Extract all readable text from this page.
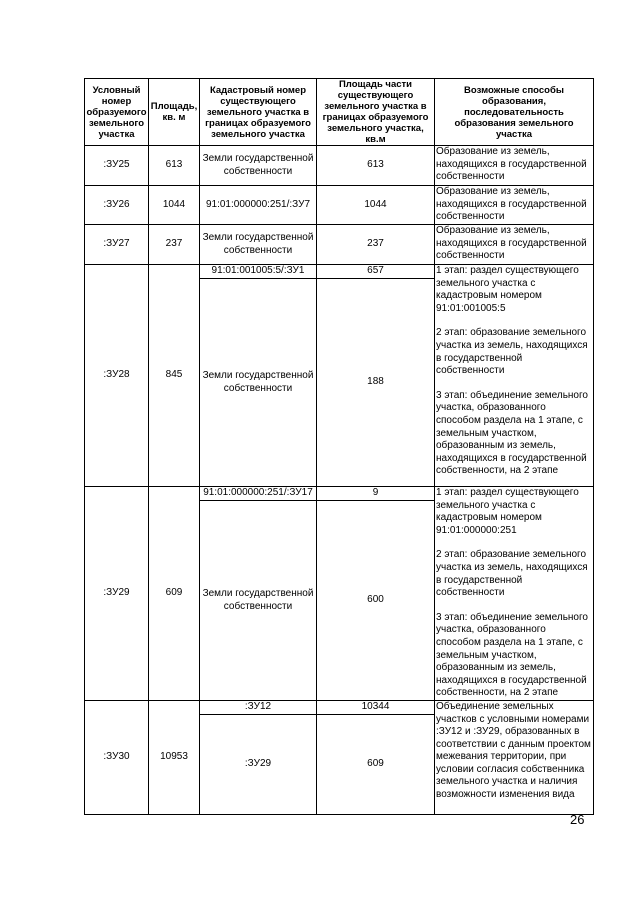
Условный номер образуемого земельного участка	Площадь, кв. м	Кадастровый номер существующего земельного участка в границах образуемого земельного участка	Площадь части существующего земельного участка в границах образуемого земельного участка, кв.м	Возможные способы образования, последовательность образования земельного участка
:ЗУ25	613	Земли государственной собственности	613	Образование из земель, находящихся в государственной собственности
:ЗУ26	1044	91:01:000000:251/:ЗУ7	1044	Образование из земель, находящихся в государственной собственности
:ЗУ27	237	Земли государственной собственности	237	Образование из земель, находящихся в государственной собственности
:ЗУ28	845	91:01:001005:5/:ЗУ1	657	1 этап: раздел существующего земельного участка с кадастровым номером 91:01:001005:5
2 этап: образование земельного участка из земель, находящихся в государственной собственности
3 этап: объединение земельного участка, образованного способом раздела на 1 этапе, с земельным участком, образованным из земель, находящихся в государственной собственности, на 2 этапе

		Земли государственной собственности	188	
:ЗУ29	609	91:01:000000:251/:ЗУ17	9	1 этап: раздел существующего земельного участка с кадастровым номером 91:01:000000:251
2 этап: образование земельного участка из земель, находящихся в государственной собственности
3 этап: объединение земельного участка, образованного способом раздела на 1 этапе, с земельным участком, образованным из земель, находящихся в государственной собственности, на 2 этапе

		Земли государственной собственности	600	
:ЗУ30	10953	:ЗУ12	10344	Объединение земельных участков с условными номерами :ЗУ12 и :ЗУ29, образованных в соответствии с данным проектом межевания территории, при условии согласия собственника земельного участка и наличия возможности изменения вида
		:ЗУ29	609	
26
